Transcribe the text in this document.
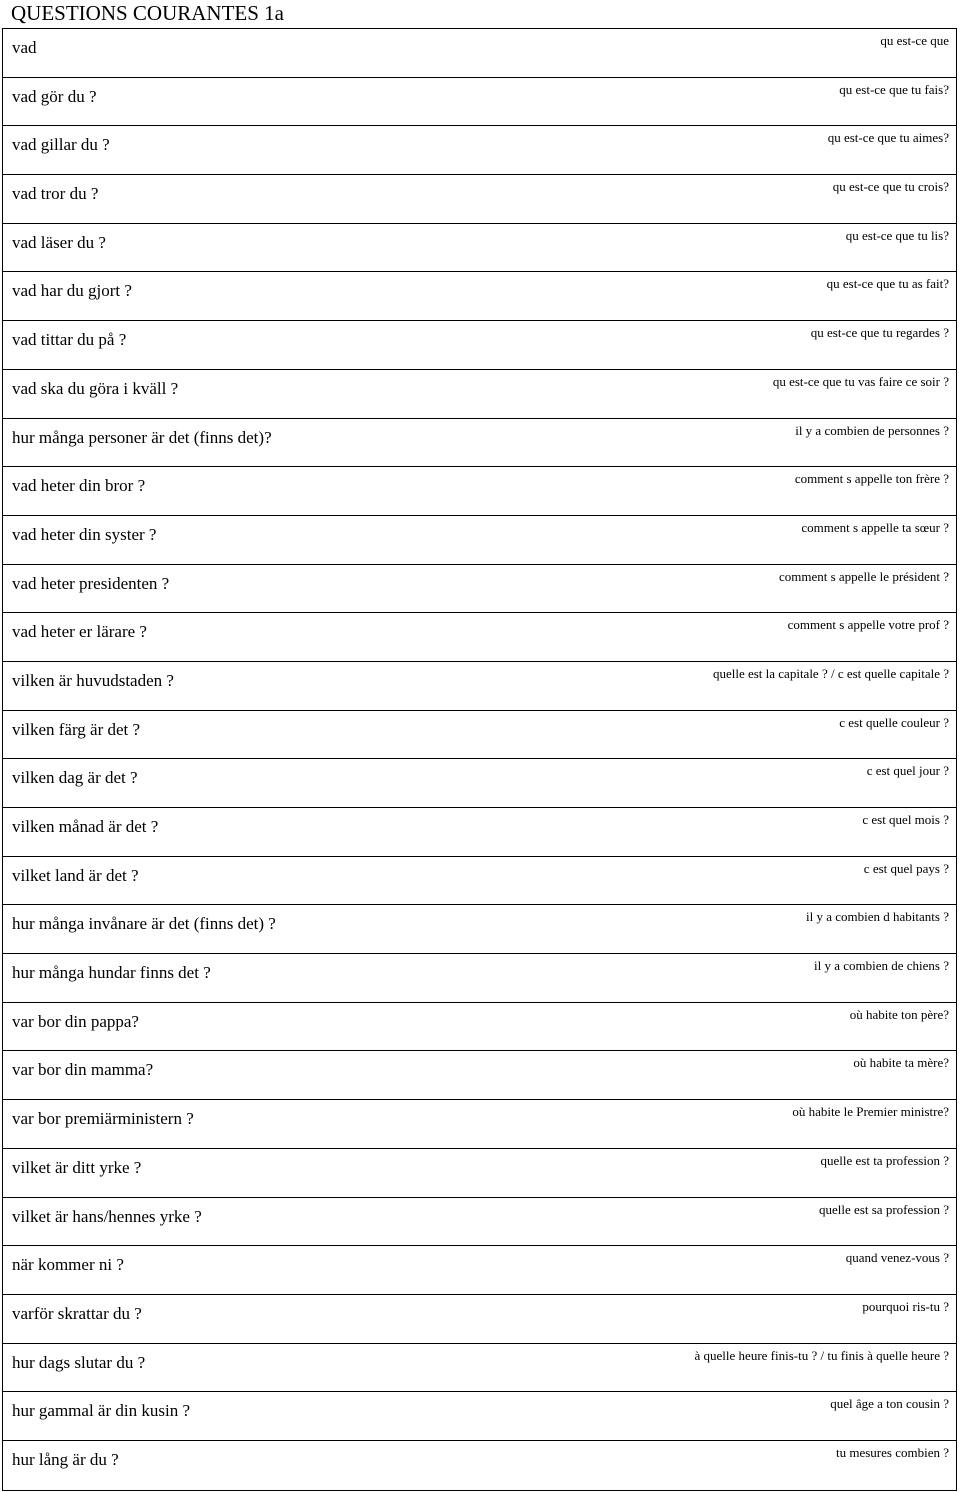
QUESTIONS COURANTES 1a
vad	qu est-ce que
vad gör du ?	qu est-ce que tu fais?
vad gillar du ?	qu est-ce que tu aimes?
vad tror du ?	qu est-ce que tu crois?
vad läser du ?	qu est-ce que tu lis?
vad har du gjort ?	qu est-ce que tu as fait?
vad tittar du på ?	qu est-ce que tu regardes ?
vad ska du göra i kväll ?	qu est-ce que tu vas faire ce soir ?
hur många personer är det (finns det)?	il y a combien de personnes ?
vad heter din bror ?	comment s appelle ton frère ?
vad heter din syster ?	comment s appelle ta sœur ?
vad heter presidenten ?	comment s appelle le président ?
vad heter er lärare ?	comment s appelle votre prof ?
vilken är huvudstaden ?	quelle est la capitale ? / c est quelle capitale ?
vilken färg är det ?	c est quelle couleur ?
vilken dag är det ?	c est quel jour ?
vilken månad är det ?	c est quel mois ?
vilket land är det ?	c est quel pays ?
hur många invånare är det (finns det) ?	il y a combien d habitants ?
hur många hundar finns det ?	il y a combien de chiens ?
var bor din pappa?	où habite ton père?
var bor din mamma?	où habite ta mère?
var bor premiärministern ?	où habite le Premier ministre?
vilket är ditt yrke ?	quelle est ta profession ?
vilket är hans/hennes yrke ?	quelle est sa profession ?
när kommer ni ?	quand venez-vous ?
varför skrattar du ?	pourquoi ris-tu ?
hur dags slutar du ?	à quelle heure finis-tu ? / tu finis à quelle heure ?
hur gammal är din kusin ?	quel âge a ton cousin ?
hur lång är du ?	tu mesures combien ?
